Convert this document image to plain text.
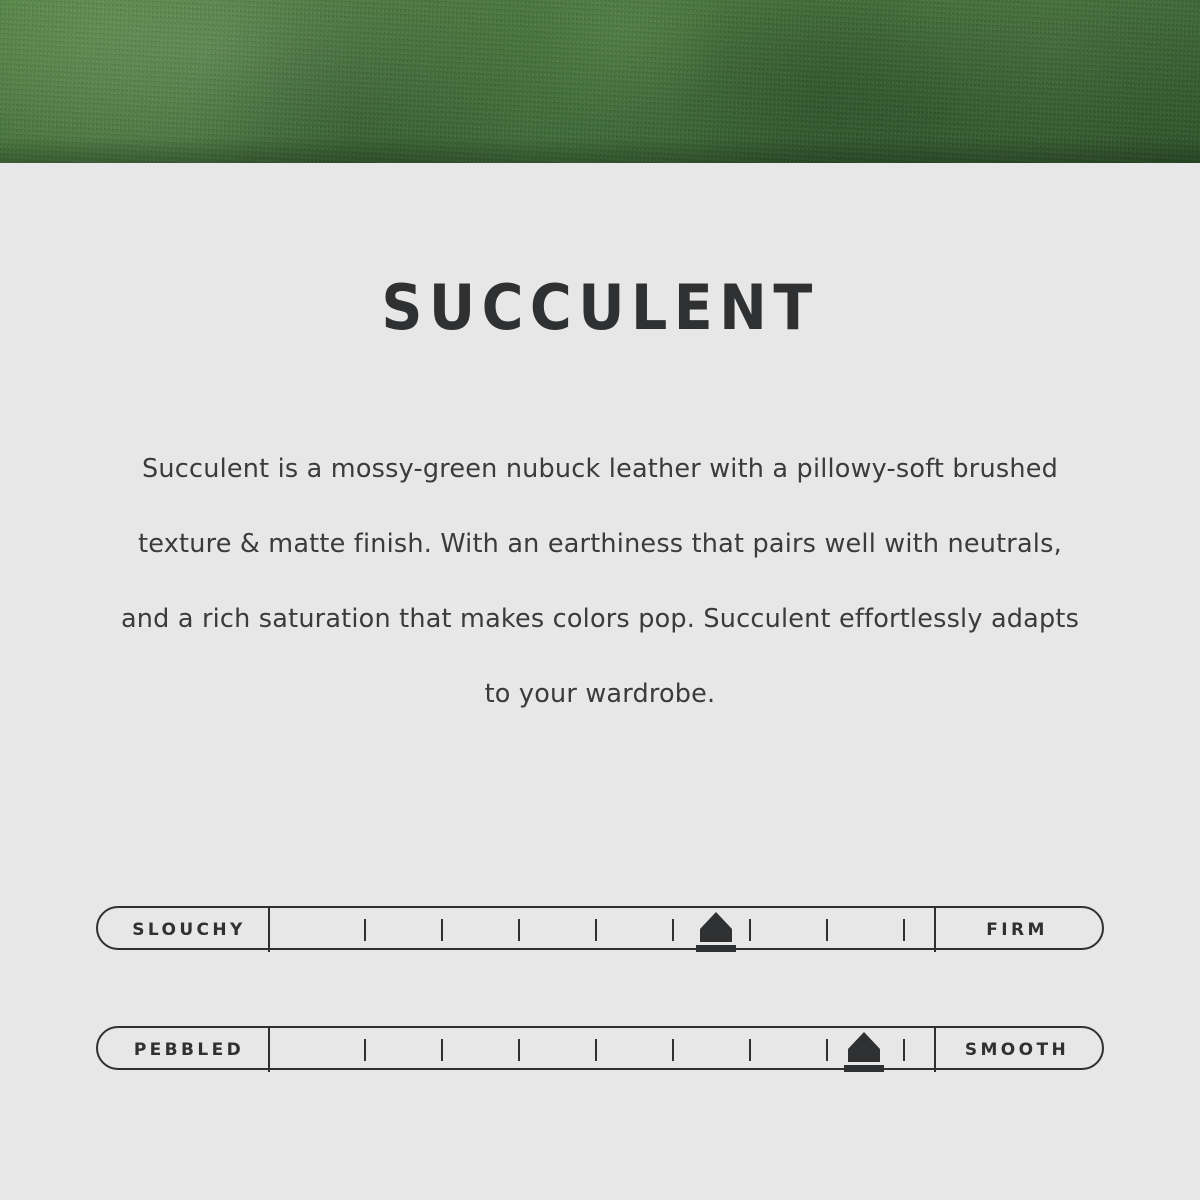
SUCCULENT
Succulent is a mossy-green nubuck leather with a pillowy-soft brushed texture & matte finish. With an earthiness that pairs well with neutrals, and a rich saturation that makes colors pop. Succulent effortlessly adapts to your wardrobe.
SLOUCHY	FIRM
PEBBLED	SMOOTH
